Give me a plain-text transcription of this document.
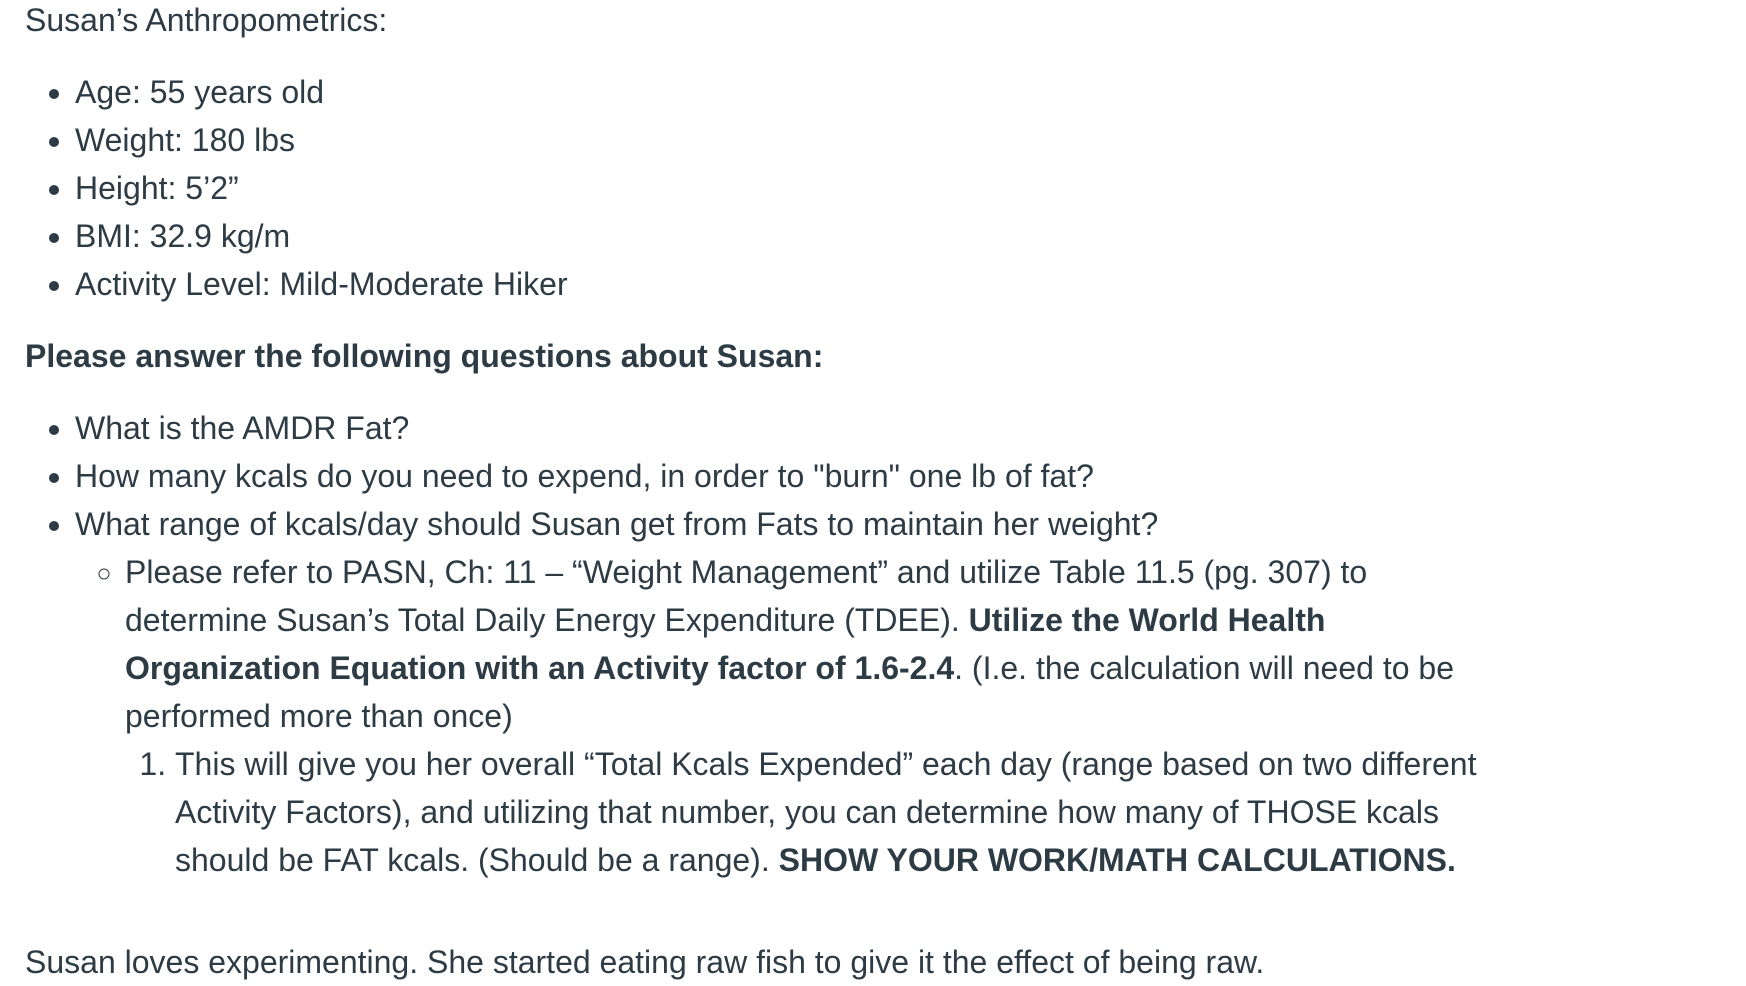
Susan’s Anthropometrics:

• Age: 55 years old
• Weight: 180 lbs
• Height: 5’2”
• BMI: 32.9 kg/m
• Activity Level: Mild-Moderate Hiker

Please answer the following questions about Susan:

• What is the AMDR Fat?
• How many kcals do you need to expend, in order to "burn" one lb of fat?
• What range of kcals/day should Susan get from Fats to maintain her weight?
◦ Please refer to PASN, Ch: 11 – “Weight Management” and utilize Table 11.5 (pg. 307) to determine Susan’s Total Daily Energy Expenditure (TDEE). Utilize the World Health Organization Equation with an Activity factor of 1.6-2.4. (I.e. the calculation will need to be performed more than once)
1. This will give you her overall “Total Kcals Expended” each day (range based on two different Activity Factors), and utilizing that number, you can determine how many of THOSE kcals should be FAT kcals. (Should be a range). SHOW YOUR WORK/MATH CALCULATIONS.

Susan loves experimenting. She started eating raw fish to give it the effect of being raw.
